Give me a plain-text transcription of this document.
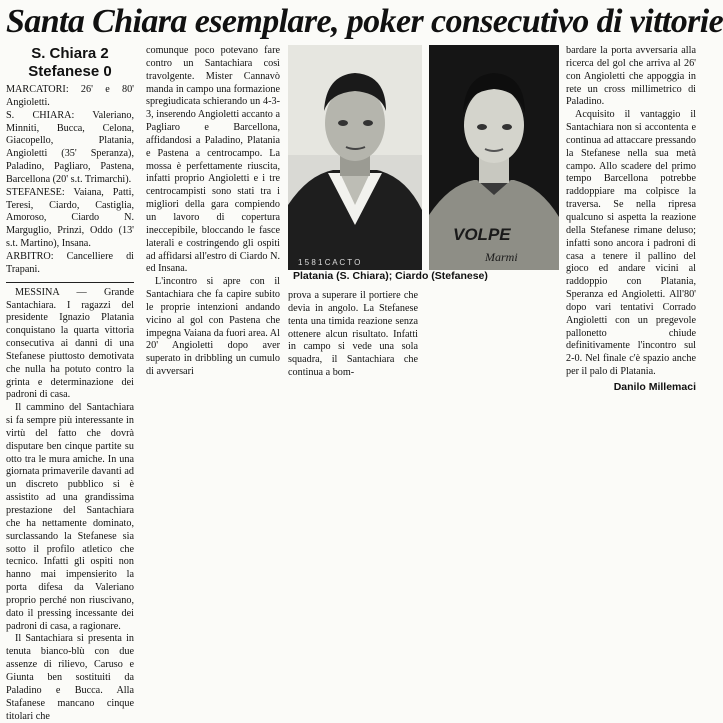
Santa Chiara esemplare, poker consecutivo di vittorie
S. Chiara 2
Stefanese 0

MARCATORI: 26' e 80' Angioletti.

S. CHIARA: Valeriano, Minniti, Bucca, Celona, Giacopello, Platania, Angioletti (35' Speranza), Paladino, Pagliaro, Pastena, Barcellona (20' s.t. Trimarchi).

STEFANESE: Vaiana, Patti, Teresi, Ciardo, Castiglia, Amoroso, Ciardo N. Marguglio, Prinzi, Oddo (13' s.t. Martino), Insana.

ARBITRO: Cancelliere di Trapani.

MESSINA — Grande Santachiara. I ragazzi del presidente Ignazio Platania conquistano la quarta vittoria consecutiva ai danni di una Stefanese piuttosto demotivata che nulla ha potuto contro la grinta e determinazione dei padroni di casa.

Il cammino del Santachiara si fa sempre più interessante in virtù del fatto che dovrà disputare ben cinque partite su otto tra le mura amiche. In una giornata primaverile davanti ad un discreto pubblico si è assistito ad una grandissima prestazione del Santachiara che ha nettamente dominato, surclassando la Stefanese sia sotto il profilo atletico che tecnico. Infatti gli ospiti non hanno mai impensierito la porta difesa da Valeriano proprio perché non riuscivano, dato il pressing incessante dei padroni di casa, a ragionare.

Il Santachiara si presenta in tenuta bianco-blù con due assenze di rilievo, Caruso e Giunta ben sostituiti da Paladino e Bucca. Alla Stafanese mancano cinque titolari che

comunque poco potevano fare contro un Santachiara così travolgente. Mister Cannavò manda in campo una formazione spregiudicata schierando un 4-3-3, inserendo Angioletti accanto a Pagliaro e Barcellona, affidandosi a Paladino, Platania e Pastena a centrocampo. La mossa è perfettamente riuscita, infatti proprio Angioletti e i tre centrocampisti sono stati tra i migliori della gara compiendo un lavoro di copertura ineccepibile, bloccando le fasce laterali e costringendo gli ospiti ad affidarsi all'estro di Ciardo N. ed Insana.

L'incontro si apre con il Santachiara che fa capire subito le proprie intenzioni andando vicino al gol con Pastena che impegna Vaiana da fuori area. Al 20' Angioletti dopo aver superato in dribbling un cumulo di avversari

1 5 8 1 C A C T O
VOLPE
Marmi
Platania (S. Chiara); Ciardo (Stefanese)

prova a superare il portiere che devia in angolo. La Stefanese tenta una timida reazione senza ottenere alcun risultato. Infatti in campo si vede una sola squadra, il Santachiara che continua a bom-

bardare la porta avversaria alla ricerca del gol che arriva al 26' con Angioletti che appoggia in rete un cross millimetrico di Paladino.

Acquisito il vantaggio il Santachiara non si accontenta e continua ad attaccare pressando la Stefanese nella sua metà campo. Allo scadere del primo tempo Barcellona potrebbe raddoppiare ma colpisce la traversa. Se nella ripresa qualcuno si aspetta la reazione della Stefanese rimane deluso; infatti sono ancora i padroni di casa a tenere il pallino del gioco ed andare vicini al raddoppio con Platania, Speranza ed Angioletti. All'80' dopo vari tentativi Corrado Angioletti con un pregevole pallonetto chiude definitivamente l'incontro sul 2-0. Nel finale c'è spazio anche per il palo di Platania.

Danilo Millemaci
